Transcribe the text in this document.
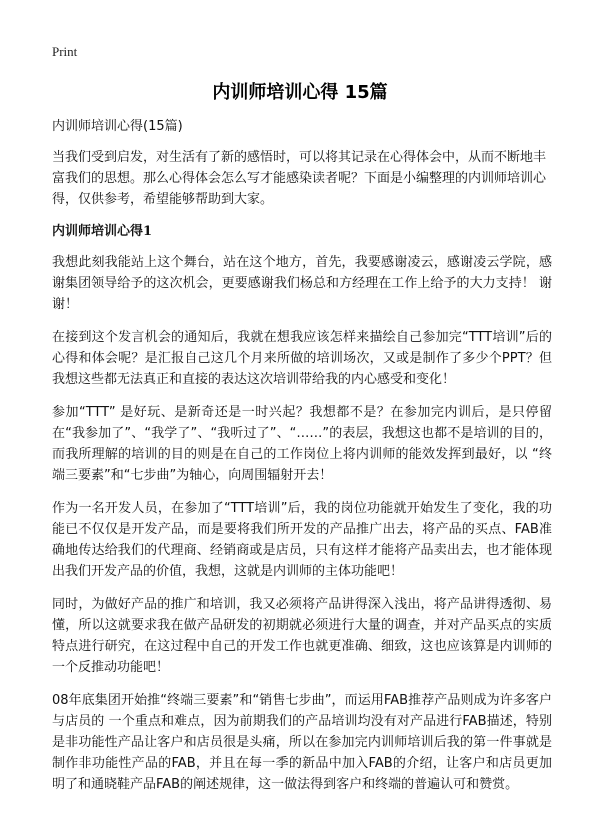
Print
内训师培训心得 15篇
内训师培训心得(15篇)
当我们受到启发，对生活有了新的感悟时，可以将其记录在心得体会中，从而不断地丰富我们的思想。那么心得体会怎么写才能感染读者呢？下面是小编整理的内训师培训心得，仅供参考，希望能够帮助到大家。
内训师培训心得1
我想此刻我能站上这个舞台，站在这个地方，首先，我要感谢凌云，感谢凌云学院，感谢集团领导给予的这次机会，更要感谢我们杨总和方经理在工作上给予的大力支持！ 谢谢！
在接到这个发言机会的通知后，我就在想我应该怎样来描绘自己参加完“TTT培训”后的心得和体会呢？是汇报自己这几个月来所做的培训场次，又或是制作了多少个PPT？但我想这些都无法真正和直接的表达这次培训带给我的内心感受和变化！
参加“TTT” 是好玩、是新奇还是一时兴起？我想都不是？在参加完内训后，是只停留在“我参加了”、“我学了”、“我听过了”、“……”的表层，我想这也都不是培训的目的，而我所理解的培训的目的则是在自己的工作岗位上将内训师的能效发挥到最好，以 “终端三要素”和“七步曲”为轴心，向周围辐射开去！
作为一名开发人员，在参加了“TTT培训”后，我的岗位功能就开始发生了变化，我的功能已不仅仅是开发产品，而是要将我们所开发的产品推广出去，将产品的买点、FAB准确地传达给我们的代理商、经销商或是店员，只有这样才能将产品卖出去，也才能体现出我们开发产品的价值，我想，这就是内训师的主体功能吧！
同时，为做好产品的推广和培训，我又必须将产品讲得深入浅出，将产品讲得透彻、易懂，所以这就要求我在做产品研发的初期就必须进行大量的调查，并对产品买点的实质特点进行研究，在这过程中自己的开发工作也就更准确、细致，这也应该算是内训师的一个反推动功能吧！
08年底集团开始推“终端三要素”和“销售七步曲”，而运用FAB推荐产品则成为许多客户与店员的 一个重点和难点，因为前期我们的产品培训均没有对产品进行FAB描述，特别是非功能性产品让客户和店员很是头痛，所以在参加完内训师培训后我的第一件事就是制作非功能性产品的FAB，并且在每一季的新品中加入FAB的介绍，让客户和店员更加明了和通晓鞋产品FAB的阐述规律，这一做法得到客户和终端的普遍认可和赞赏。
